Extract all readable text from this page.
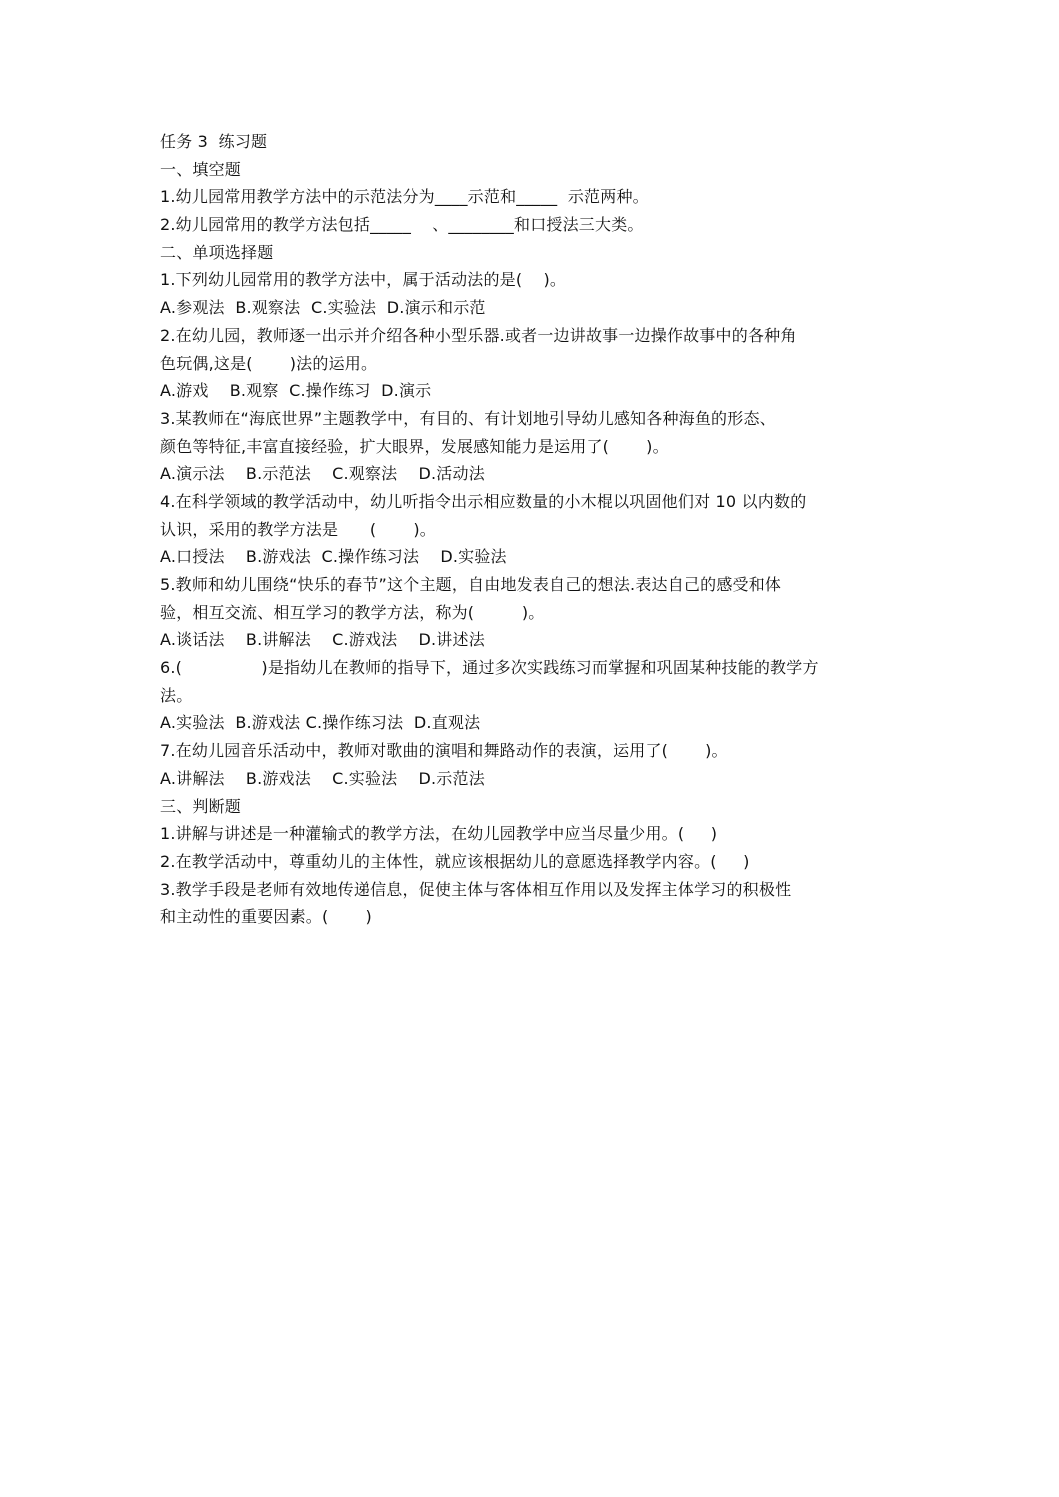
任务 3  练习题
一、填空题
1.幼儿园常用教学方法中的示范法分为____示范和_____  示范两种。
2.幼儿园常用的教学方法包括_____    、________和口授法三大类。
二、单项选择题
1.下列幼儿园常用的教学方法中，属于活动法的是(    )。
A.参观法  B.观察法  C.实验法  D.演示和示范
2.在幼儿园，教师逐一出示并介绍各种小型乐器.或者一边讲故事一边操作故事中的各种角
色玩偶,这是(       )法的运用。
A.游戏    B.观察  C.操作练习  D.演示
3.某教师在“海底世界”主题教学中，有目的、有计划地引导幼儿感知各种海鱼的形态、
颜色等特征,丰富直接经验，扩大眼界，发展感知能力是运用了(       )。
A.演示法    B.示范法    C.观察法    D.活动法
4.在科学领域的教学活动中，幼儿听指令出示相应数量的小木棍以巩固他们对 10 以内数的
认识，采用的教学方法是      (       )。
A.口授法    B.游戏法  C.操作练习法    D.实验法
5.教师和幼儿围绕“快乐的春节”这个主题，自由地发表自己的想法.表达自己的感受和体
验，相互交流、相互学习的教学方法，称为(         )。
A.谈话法    B.讲解法    C.游戏法    D.讲述法
6.(               )是指幼儿在教师的指导下，通过多次实践练习而掌握和巩固某种技能的教学方
法。
A.实验法  B.游戏法 C.操作练习法  D.直观法
7.在幼儿园音乐活动中，教师对歌曲的演唱和舞路动作的表演，运用了(       )。
A.讲解法    B.游戏法    C.实验法    D.示范法
三、判断题
1.讲解与讲述是一种灌输式的教学方法，在幼儿园教学中应当尽量少用。(     )
2.在教学活动中，尊重幼儿的主体性，就应该根据幼儿的意愿选择教学内容。(     )
3.教学手段是老师有效地传递信息，促使主体与客体相互作用以及发挥主体学习的积极性
和主动性的重要因素。(       )
